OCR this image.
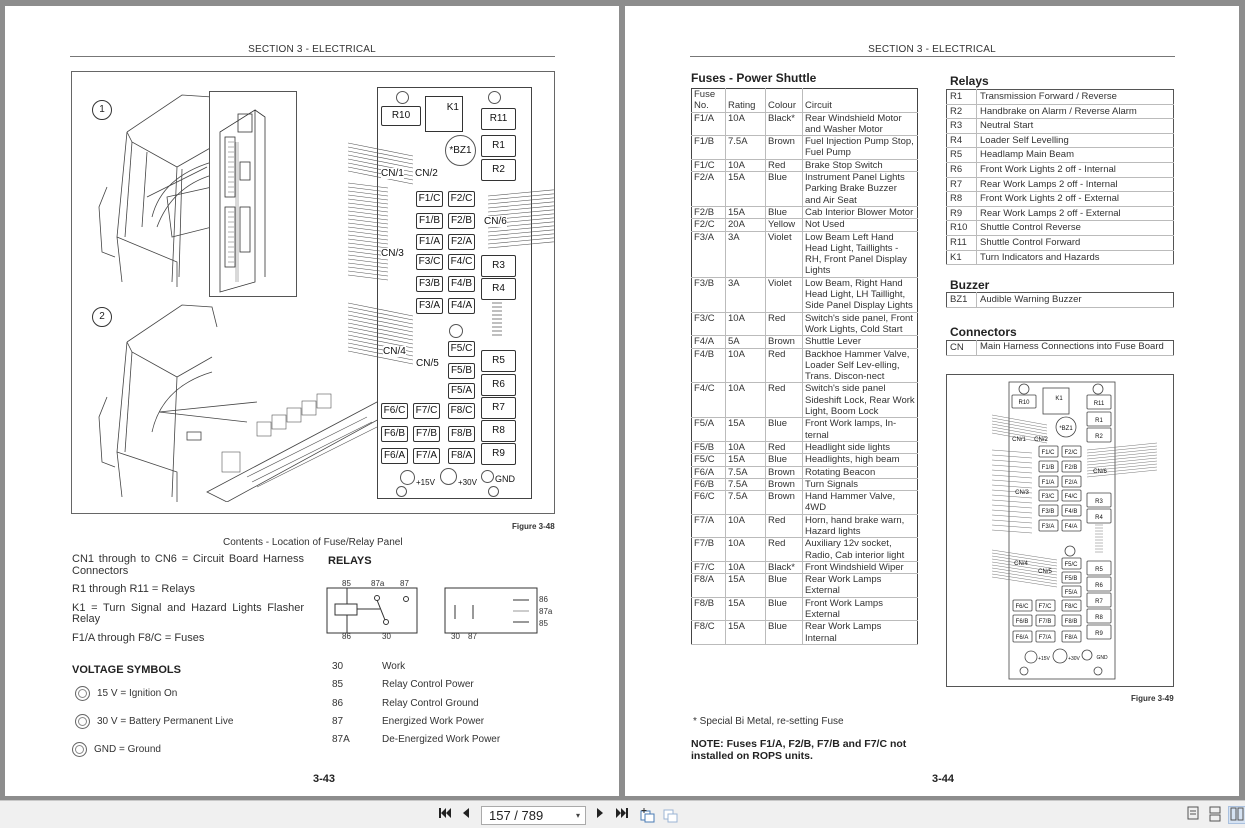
SECTION 3 - ELECTRICAL
1
2
R10
K1
R11
R1
R2
*BZ1
CN/1 CN/2
CN/3
CN/4
CN/5
CN/6
F1/C
F1/B
F1/A
F3/C
F3/B
F3/A
F2/C
F2/B
F2/A
F4/C
F4/B
F4/A
R3
R4
F5/C
F5/B
F5/A
R5
R6
R7
R8
R9
F6/C F7/C F8/C
F6/B F7/B F8/B
F6/A F7/A F8/A
+15V	+30V GND
Figure 3-48
Contents - Location of Fuse/Relay Panel

CN1 through to CN6 = Circuit Board Harness Connectors

R1 through R11 = Relays

K1 = Turn Signal and Hazard Lights Flasher Relay

F1/A through F8/C = Fuses

RELAYS
85	87a 87
86	30
86
87a
85
30 87
VOLTAGE SYMBOLS
15 V = Ignition On
30 V = Battery Permanent Live
GND = Ground
30	Work
85	Relay Control Power
86	Relay Control Ground
87	Energized Work Power
87A	De-Energized Work Power
3-43
SECTION 3 - ELECTRICAL
Fuses - Power Shuttle
Fuse No.	Rating	Colour	Circuit
F1/A	10A	Black*	Rear Windshield Motor and Washer Motor
F1/B	7.5A	Brown	Fuel Injection Pump Stop, Fuel Pump
F1/C	10A	Red	Brake Stop Switch
F2/A	15A	Blue	Instrument Panel Lights Parking Brake Buzzer and Air Seat
F2/B	15A	Blue	Cab Interior Blower Motor
F2/C	20A	Yellow	Not Used
F3/A	3A	Violet	Low Beam Left Hand Head Light, Taillights - RH, Front Panel Display Lights
F3/B	3A	Violet	Low Beam, Right Hand Head Light, LH Taillight, Side Panel Display Lights
F3/C	10A	Red	Switch's side panel, Front Work Lights, Cold Start
F4/A	5A	Brown	Shuttle Lever
F4/B	10A	Red	Backhoe Hammer Valve, Loader Self Lev-elling, Trans. Discon-nect
F4/C	10A	Red	Switch's side panel Sideshift Lock, Rear Work Light, Boom Lock
F5/A	15A	Blue	Front Work lamps, In-ternal
F5/B	10A	Red	Headlight side lights
F5/C	15A	Blue	Headlights, high beam
F6/A	7.5A	Brown	Rotating Beacon
F6/B	7.5A	Brown	Turn Signals
F6/C	7.5A	Brown	Hand Hammer Valve, 4WD
F7/A	10A	Red	Horn, hand brake warn, Hazard lights
F7/B	10A	Red	Auxiliary 12v socket, Radio, Cab interior light
F7/C	10A	Black*	Front Windshield Wiper
F8/A	15A	Blue	Rear Work Lamps External
F8/B	15A	Blue	Front Work Lamps External
F8/C	15A	Blue	Rear Work Lamps Internal
* Special Bi Metal, re-setting Fuse
NOTE: Fuses F1/A, F2/B, F7/B and F7/C not installed on ROPS units.
Relays
R1	Transmission Forward / Reverse
R2	Handbrake on Alarm / Reverse Alarm
R3	Neutral Start
R4	Loader Self Levelling
R5	Headlamp Main Beam
R6	Front Work Lights 2 off - Internal
R7	Rear Work Lamps 2 off - Internal
R8	Front Work Lights 2 off - External
R9	Rear Work Lamps 2 off - External
R10	Shuttle Control Reverse
R11	Shuttle Control Forward
K1	Turn Indicators and Hazards
Buzzer
BZ1	Audible Warning Buzzer
Connectors
CN	Main Harness Connections into Fuse Board
R10
K1
R11
R1
R2
*BZ1
CN/1 CN/2
F1/C F2/C
F1/B F2/B
F1/A F2/A
F3/C F4/C
F3/B F4/B
F3/A F4/A
R3
R4
CN/3
CN/6
CN/4
CN/5
F5/C
F5/B
F5/A
R5
R6
R7
R8
R9
F6/C F7/C F8/C
F6/B F7/B F8/B
F6/A F7/A F8/A
+15V	+30V	GND
Figure 3-49
3-44
157 / 789	▾
